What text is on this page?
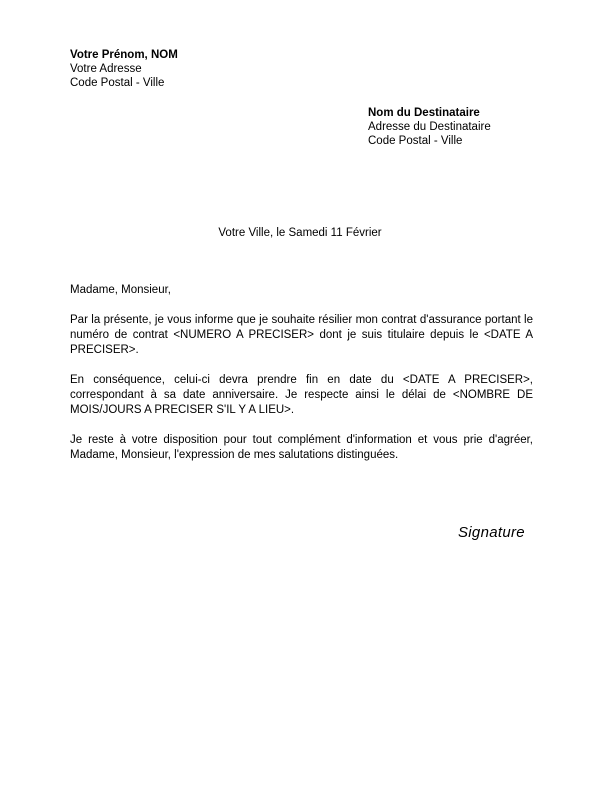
Votre Prénom, NOM
Votre Adresse
Code Postal - Ville
Nom du Destinataire
Adresse du Destinataire
Code Postal - Ville
Votre Ville, le Samedi 11 Février

Madame, Monsieur,

Par la présente, je vous informe que je souhaite résilier mon contrat d'assurance portant le numéro de contrat <NUMERO A PRECISER> dont je suis titulaire depuis le <DATE A PRECISER>.

En conséquence, celui-ci devra prendre fin en date du <DATE A PRECISER>, correspondant à sa date anniversaire. Je respecte ainsi le délai de <NOMBRE DE MOIS/JOURS A PRECISER S'IL Y A LIEU>.

Je reste à votre disposition pour tout complément d'information et vous prie d'agréer, Madame, Monsieur, l'expression de mes salutations distinguées.

Signature
